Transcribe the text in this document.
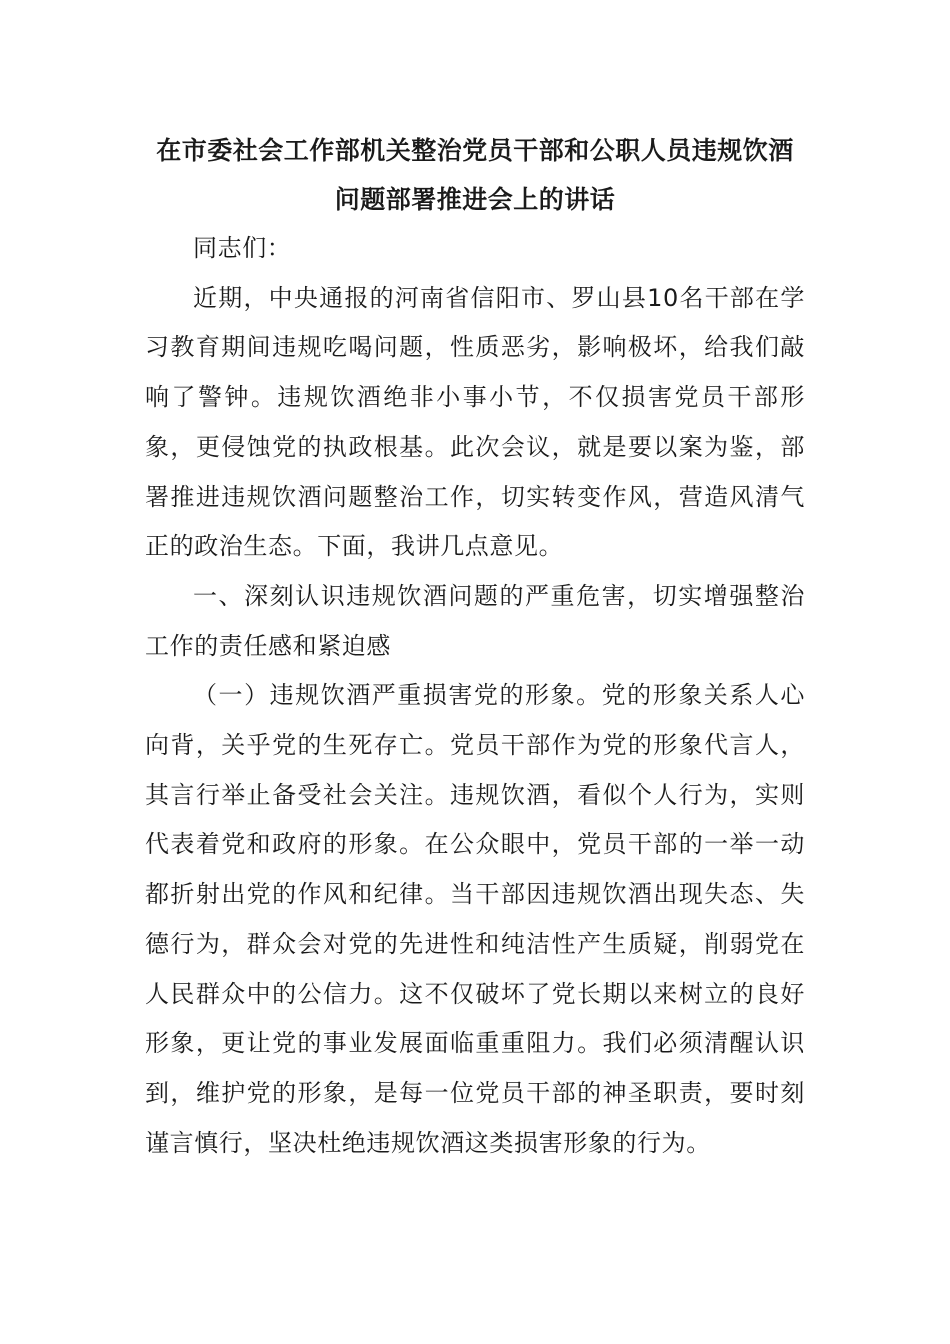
在市委社会工作部机关整治党员干部和公职人员违规饮酒
问题部署推进会上的讲话

同志们：

近期，中央通报的河南省信阳市、罗山县10名干部在学习教育期间违规吃喝问题，性质恶劣，影响极坏，给我们敲响了警钟。违规饮酒绝非小事小节，不仅损害党员干部形象，更侵蚀党的执政根基。此次会议，就是要以案为鉴，部署推进违规饮酒问题整治工作，切实转变作风，营造风清气正的政治生态。下面，我讲几点意见。

一、深刻认识违规饮酒问题的严重危害，切实增强整治工作的责任感和紧迫感

（一）违规饮酒严重损害党的形象。党的形象关系人心向背，关乎党的生死存亡。党员干部作为党的形象代言人，其言行举止备受社会关注。违规饮酒，看似个人行为，实则代表着党和政府的形象。在公众眼中，党员干部的一举一动都折射出党的作风和纪律。当干部因违规饮酒出现失态、失德行为，群众会对党的先进性和纯洁性产生质疑，削弱党在人民群众中的公信力。这不仅破坏了党长期以来树立的良好形象，更让党的事业发展面临重重阻力。我们必须清醒认识到，维护党的形象，是每一位党员干部的神圣职责，要时刻谨言慎行，坚决杜绝违规饮酒这类损害形象的行为。
